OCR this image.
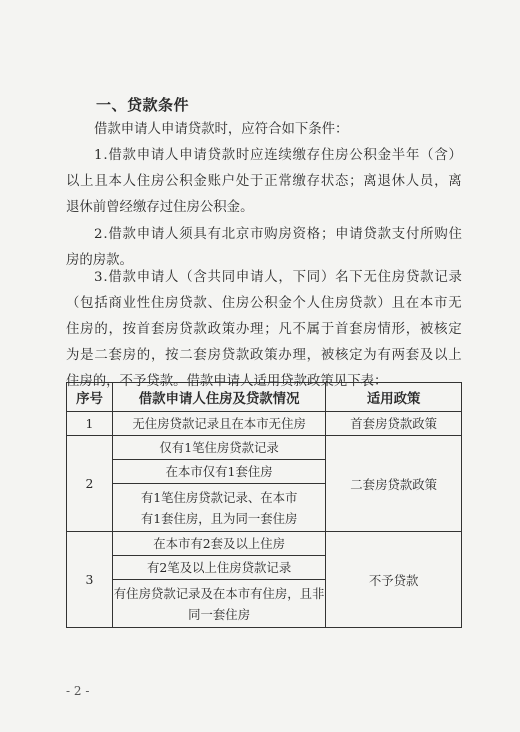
一、贷款条件
借款申请人申请贷款时，应符合如下条件：
1 . 借 款 申 请 人 申 请 贷 款 时 应 连 续 缴 存 住 房 公 积 金 半 年 （ 含 ）
以 上 且 本 人 住 房 公 积 金 账 户 处 于 正 常 缴 存 状 态 ； 离 退 休 人 员 ， 离
退休前曾经缴存过住房公积金。
2 . 借 款 申 请 人 须 具 有 北 京 市 购 房 资 格 ； 申 请 贷 款 支 付 所 购 住
房的房款。
3 . 借 款 申 请 人 （ 含 共 同 申 请 人 ， 下 同 ） 名 下 无 住 房 贷 款 记 录
（ 包 括 商 业 性 住 房 贷 款 、 住 房 公 积 金 个 人 住 房 贷 款 ） 且 在 本 市 无
住 房 的 ， 按 首 套 房 贷 款 政 策 办 理 ； 凡 不 属 于 首 套 房 情 形 ， 被 核 定
为 是 二 套 房 的 ， 按 二 套 房 贷 款 政 策 办 理 ， 被 核 定 为 有 两 套 及 以 上
住房的，不予贷款。借款申请人适用贷款政策见下表：
序号	借款申请人住房及贷款情况	适用政策
1	无住房贷款记录且在本市无住房	首套房贷款政策
2	仅有1笔住房贷款记录	二套房贷款政策
	在本市仅有1套住房	

	有1笔住房贷款记录、在本市
有1套住房，且为同一套住房	

3	在本市有2套及以上住房	不予贷款
	有2笔及以上住房贷款记录	

	有住房贷款记录及在本市有住房，且非
同一套住房	
- 2 -
